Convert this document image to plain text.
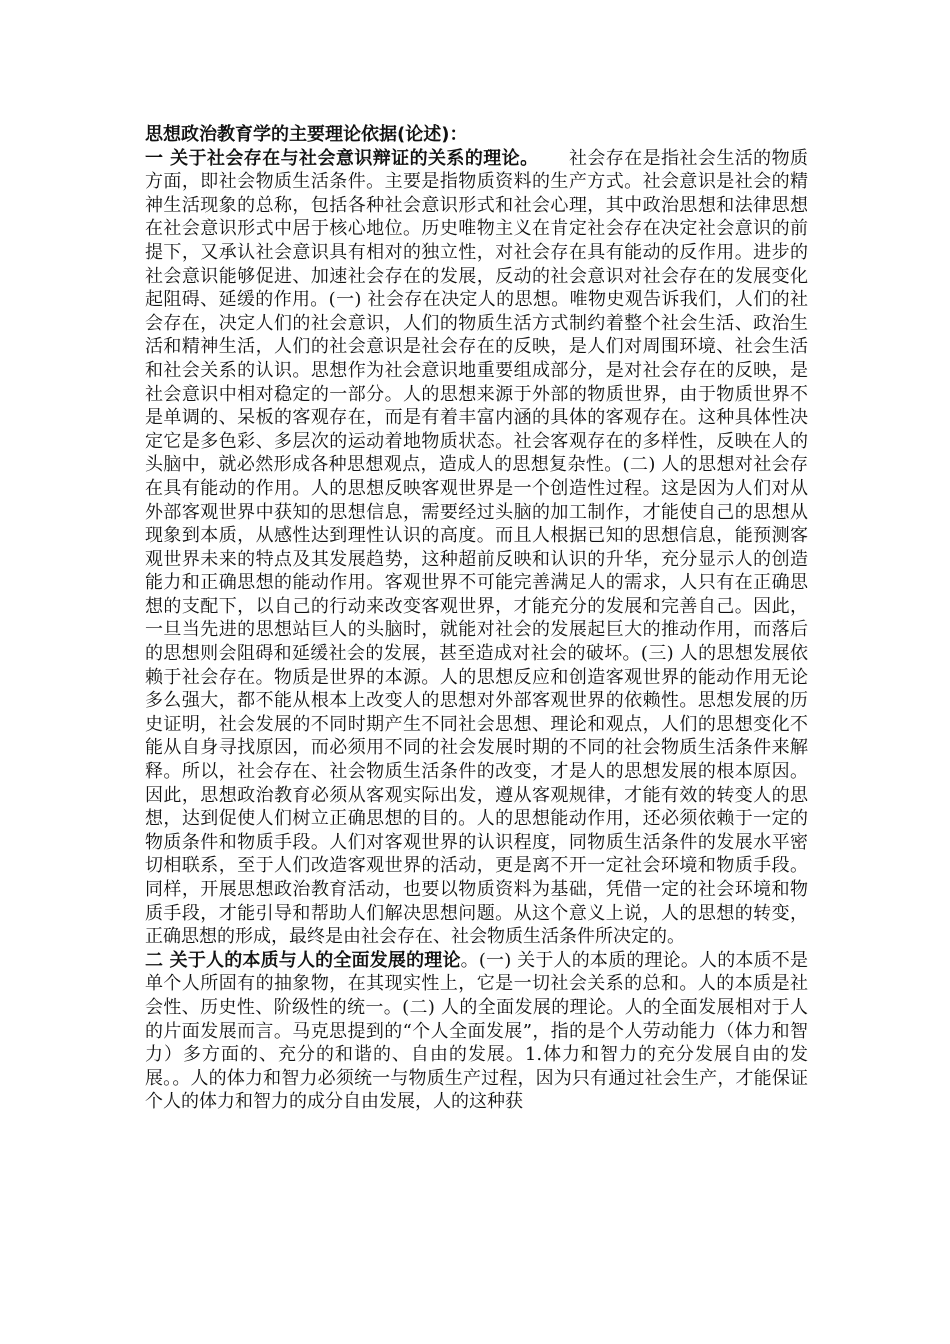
思想政治教育学的主要理论依据(论述)：

一 关于社会存在与社会意识辩证的关系的理论。 社会存在是指社会生活的物质方面，即社会物质生活条件。主要是指物质资料的生产方式。社会意识是社会的精神生活现象的总称，包括各种社会意识形式和社会心理，其中政治思想和法律思想在社会意识形式中居于核心地位。历史唯物主义在肯定社会存在决定社会意识的前提下，又承认社会意识具有相对的独立性，对社会存在具有能动的反作用。进步的社会意识能够促进、加速社会存在的发展，反动的社会意识对社会存在的发展变化起阻碍、延缓的作用。(一) 社会存在决定人的思想。唯物史观告诉我们，人们的社会存在，决定人们的社会意识，人们的物质生活方式制约着整个社会生活、政治生活和精神生活，人们的社会意识是社会存在的反映，是人们对周围环境、社会生活和社会关系的认识。思想作为社会意识地重要组成部分，是对社会存在的反映，是社会意识中相对稳定的一部分。人的思想来源于外部的物质世界，由于物质世界不是单调的、呆板的客观存在，而是有着丰富内涵的具体的客观存在。这种具体性决定它是多色彩、多层次的运动着地物质状态。社会客观存在的多样性，反映在人的头脑中，就必然形成各种思想观点，造成人的思想复杂性。(二) 人的思想对社会存在具有能动的作用。人的思想反映客观世界是一个创造性过程。这是因为人们对从外部客观世界中获知的思想信息，需要经过头脑的加工制作，才能使自己的思想从现象到本质，从感性达到理性认识的高度。而且人根据已知的思想信息，能预测客观世界未来的特点及其发展趋势，这种超前反映和认识的升华，充分显示人的创造能力和正确思想的能动作用。客观世界不可能完善满足人的需求，人只有在正确思想的支配下，以自己的行动来改变客观世界，才能充分的发展和完善自己。因此，一旦当先进的思想站巨人的头脑时，就能对社会的发展起巨大的推动作用，而落后的思想则会阻碍和延缓社会的发展，甚至造成对社会的破坏。(三) 人的思想发展依赖于社会存在。物质是世界的本源。人的思想反应和创造客观世界的能动作用无论多么强大，都不能从根本上改变人的思想对外部客观世界的依赖性。思想发展的历史证明，社会发展的不同时期产生不同社会思想、理论和观点，人们的思想变化不能从自身寻找原因，而必须用不同的社会发展时期的不同的社会物质生活条件来解释。所以，社会存在、社会物质生活条件的改变，才是人的思想发展的根本原因。因此，思想政治教育必须从客观实际出发，遵从客观规律，才能有效的转变人的思想，达到促使人们树立正确思想的目的。人的思想能动作用，还必须依赖于一定的物质条件和物质手段。人们对客观世界的认识程度，同物质生活条件的发展水平密切相联系，至于人们改造客观世界的活动，更是离不开一定社会环境和物质手段。同样，开展思想政治教育活动，也要以物质资料为基础，凭借一定的社会环境和物质手段，才能引导和帮助人们解决思想问题。从这个意义上说，人的思想的转变，正确思想的形成，最终是由社会存在、社会物质生活条件所决定的。

二 关于人的本质与人的全面发展的理论。(一) 关于人的本质的理论。人的本质不是单个人所固有的抽象物，在其现实性上，它是一切社会关系的总和。人的本质是社会性、历史性、阶级性的统一。(二) 人的全面发展的理论。人的全面发展相对于人的片面发展而言。马克思提到的“个人全面发展”，指的是个人劳动能力（体力和智力）多方面的、充分的和谐的、自由的发展。1.体力和智力的充分发展自由的发展。。人的体力和智力必须统一与物质生产过程，因为只有通过社会生产，才能保证个人的体力和智力的成分自由发展，人的这种获
